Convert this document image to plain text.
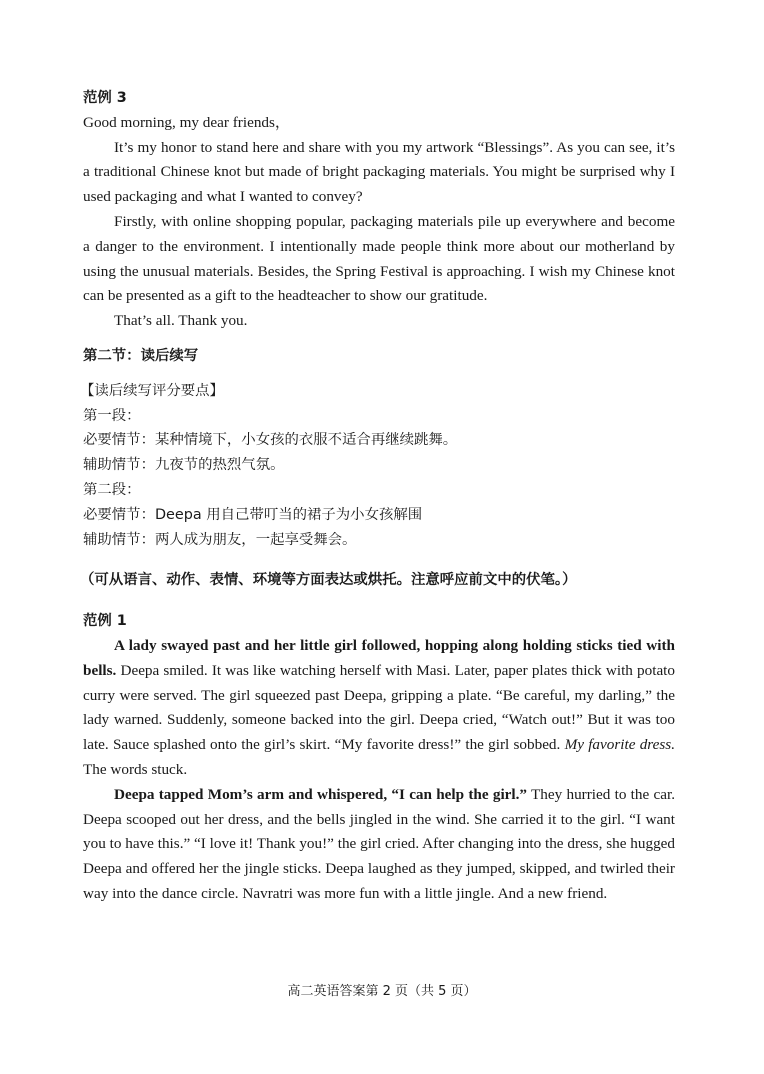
范例 3

Good morning, my dear friends，

It’s my honor to stand here and share with you my artwork “Blessings”. As you can see, it’s a traditional Chinese knot but made of bright packaging materials. You might be surprised why I used packaging and what I wanted to convey?

Firstly, with online shopping popular, packaging materials pile up everywhere and become a danger to the environment. I intentionally made people think more about our motherland by using the unusual materials. Besides, the Spring Festival is approaching. I wish my Chinese knot can be presented as a gift to the headteacher to show our gratitude.

That’s all. Thank you.

第二节：读后续写
【读后续写评分要点】
第一段：
必要情节：某种情境下，小女孩的衣服不适合再继续跳舞。
辅助情节：九夜节的热烈气氛。
第二段：
必要情节：Deepa 用自己带叮当的裙子为小女孩解围
辅助情节：两人成为朋友，一起享受舞会。
（可从语言、动作、表情、环境等方面表达或烘托。注意呼应前文中的伏笔。）
范例 1

A lady swayed past and her little girl followed, hopping along holding sticks tied with bells. Deepa smiled. It was like watching herself with Masi. Later, paper plates thick with potato curry were served. The girl squeezed past Deepa, gripping a plate. “Be careful, my darling,” the lady warned. Suddenly, someone backed into the girl. Deepa cried, “Watch out!” But it was too late. Sauce splashed onto the girl’s skirt. “My favorite dress!” the girl sobbed. My favorite dress. The words stuck.

Deepa tapped Mom’s arm and whispered, “I can help the girl.” They hurried to the car. Deepa scooped out her dress, and the bells jingled in the wind. She carried it to the girl. “I want you to have this.” “I love it! Thank you!” the girl cried. After changing into the dress, she hugged Deepa and offered her the jingle sticks. Deepa laughed as they jumped, skipped, and twirled their way into the dance circle. Navratri was more fun with a little jingle. And a new friend.

高二英语答案第 2 页（共 5 页）
